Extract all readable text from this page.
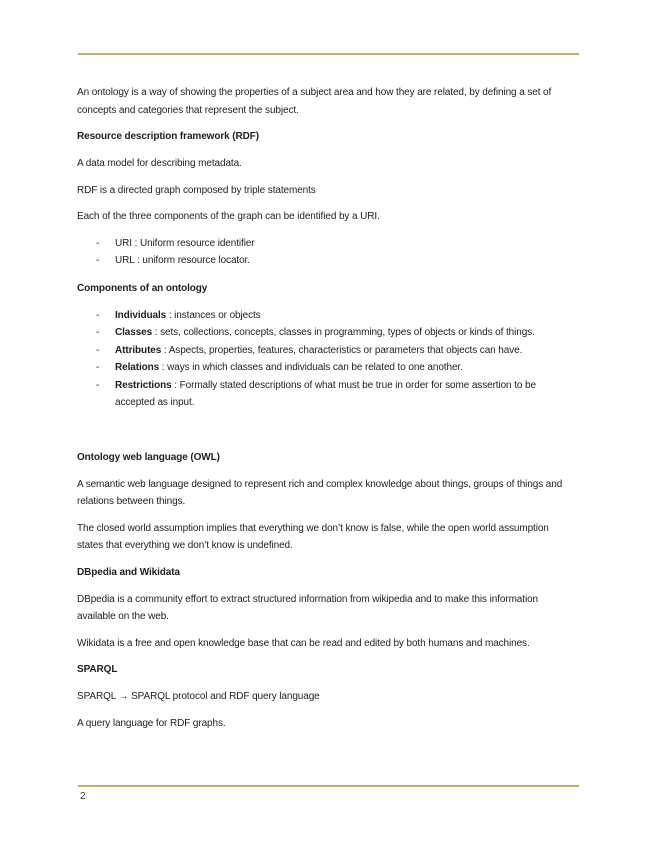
An ontology is a way of showing the properties of a subject area and how they are related, by defining a set of concepts and categories that represent the subject.

Resource description framework (RDF)

A data model for describing metadata.

RDF is a directed graph composed by triple statements

Each of the three components of the graph can be identified by a URI.

- URI : Uniform resource identifier
- URL : uniform resource locator.

Components of an ontology

- Individuals : instances or objects
- Classes : sets, collections, concepts, classes in programming, types of objects or kinds of things.
- Attributes : Aspects, properties, features, characteristics or parameters that objects can have.
- Relations : ways in which classes and individuals can be related to one another.
- Restrictions : Formally stated descriptions of what must be true in order for some assertion to be accepted as input.

Ontology web language (OWL)

A semantic web language designed to represent rich and complex knowledge about things, groups of things and relations between things.

The closed world assumption implies that everything we don’t know is false, while the open world assumption states that everything we don’t know is undefined.

DBpedia and Wikidata

DBpedia is a community effort to extract structured information from wikipedia and to make this information available on the web.

Wikidata is a free and open knowledge base that can be read and edited by both humans and machines.

SPARQL

SPARQL → SPARQL protocol and RDF query language

A query language for RDF graphs.

2
